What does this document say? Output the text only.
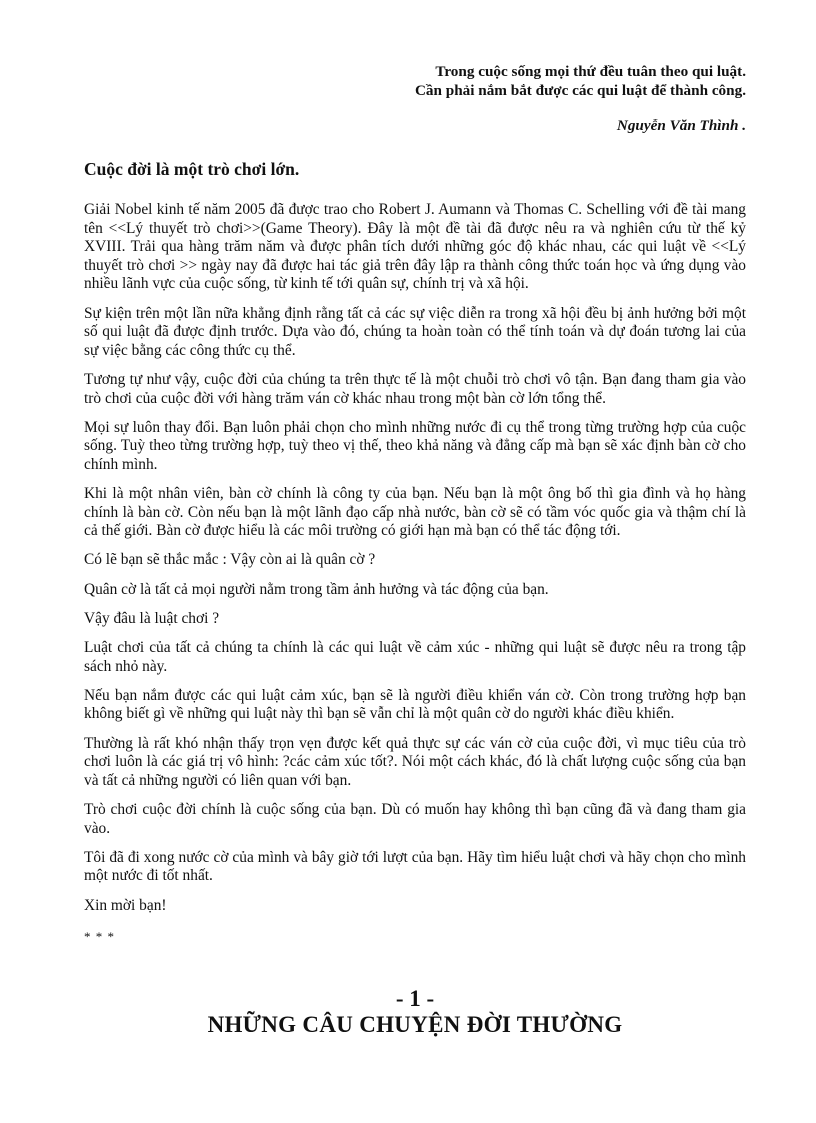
Trong cuộc sống mọi thứ đều tuân theo qui luật.
Cần phải nắm bắt được các qui luật để thành công.
Nguyễn Văn Thình .
Cuộc đời là một trò chơi lớn.

Giải Nobel kinh tế năm 2005 đã được trao cho Robert J. Aumann và Thomas C. Schelling với đề tài mang tên <<Lý thuyết trò chơi>>(Game Theory). Đây là một đề tài đã được nêu ra và nghiên cứu từ thế kỷ XVIII. Trải qua hàng trăm năm và được phân tích dưới những góc độ khác nhau, các qui luật về <<Lý thuyết trò chơi >> ngày nay đã được hai tác giả trên đây lập ra thành công thức toán học và ứng dụng vào nhiều lãnh vực của cuộc sống, từ kinh tế tới quân sự, chính trị và xã hội.

Sự kiện trên một lần nữa khẳng định rằng tất cả các sự việc diễn ra trong xã hội đều bị ảnh hưởng bởi một số qui luật đã được định trước. Dựa vào đó, chúng ta hoàn toàn có thể tính toán và dự đoán tương lai của sự việc bằng các công thức cụ thể.

Tương tự như vậy, cuộc đời của chúng ta trên thực tế là một chuỗi trò chơi vô tận. Bạn đang tham gia vào trò chơi của cuộc đời với hàng trăm ván cờ khác nhau trong một bàn cờ lớn tổng thể.

Mọi sự luôn thay đổi. Bạn luôn phải chọn cho mình những nước đi cụ thể trong từng trường hợp của cuộc sống. Tuỳ theo từng trường hợp, tuỳ theo vị thế, theo khả năng và đẳng cấp mà bạn sẽ xác định bàn cờ cho chính mình.

Khi là một nhân viên, bàn cờ chính là công ty của bạn. Nếu bạn là một ông bố thì gia đình và họ hàng chính là bàn cờ. Còn nếu bạn là một lãnh đạo cấp nhà nước, bàn cờ sẽ có tầm vóc quốc gia và thậm chí là cả thế giới. Bàn cờ được hiểu là các môi trường có giới hạn mà bạn có thể tác động tới.

Có lẽ bạn sẽ thắc mắc : Vậy còn ai là quân cờ ?

Quân cờ là tất cả mọi người nằm trong tầm ảnh hưởng và tác động của bạn.

Vậy đâu là luật chơi ?

Luật chơi của tất cả chúng ta chính là các qui luật về cảm xúc - những qui luật sẽ được nêu ra trong tập sách nhỏ này.

Nếu bạn nắm được các qui luật cảm xúc, bạn sẽ là người điều khiển ván cờ. Còn trong trường hợp bạn không biết gì về những qui luật này thì bạn sẽ vẫn chỉ là một quân cờ do người khác điều khiển.

Thường là rất khó nhận thấy trọn vẹn được kết quả thực sự các ván cờ của cuộc đời, vì mục tiêu của trò chơi luôn là các giá trị vô hình: ?các cảm xúc tốt?. Nói một cách khác, đó là chất lượng cuộc sống của bạn và tất cả những người có liên quan với bạn.

Trò chơi cuộc đời chính là cuộc sống của bạn. Dù có muốn hay không thì bạn cũng đã và đang tham gia vào.

Tôi đã đi xong nước cờ của mình và bây giờ tới lượt của bạn. Hãy tìm hiểu luật chơi và hãy chọn cho mình một nước đi tốt nhất.

Xin mời bạn!

* * *
- 1 -
NHỮNG CÂU CHUYỆN ĐỜI THƯỜNG
